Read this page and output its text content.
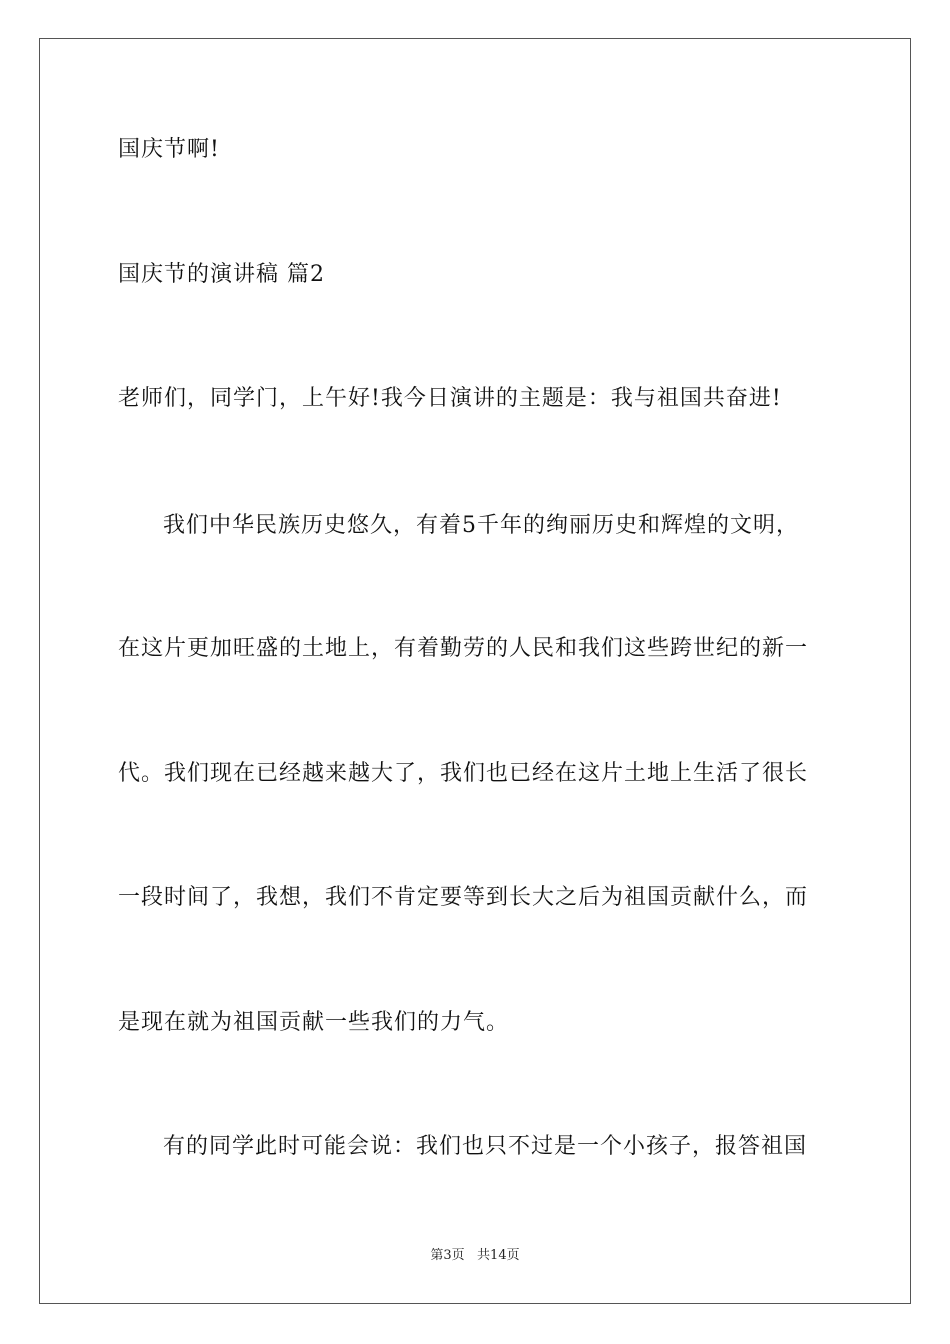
国庆节啊!
国庆节的演讲稿 篇2
老师们，同学门，上午好!我今日演讲的主题是：我与祖国共奋进!
我们中华民族历史悠久，有着5千年的绚丽历史和辉煌的文明，
在这片更加旺盛的土地上，有着勤劳的人民和我们这些跨世纪的新一
代。我们现在已经越来越大了，我们也已经在这片土地上生活了很长
一段时间了，我想，我们不肯定要等到长大之后为祖国贡献什么，而
是现在就为祖国贡献一些我们的力气。
有的同学此时可能会说：我们也只不过是一个小孩子，报答祖国
第3页   共14页
